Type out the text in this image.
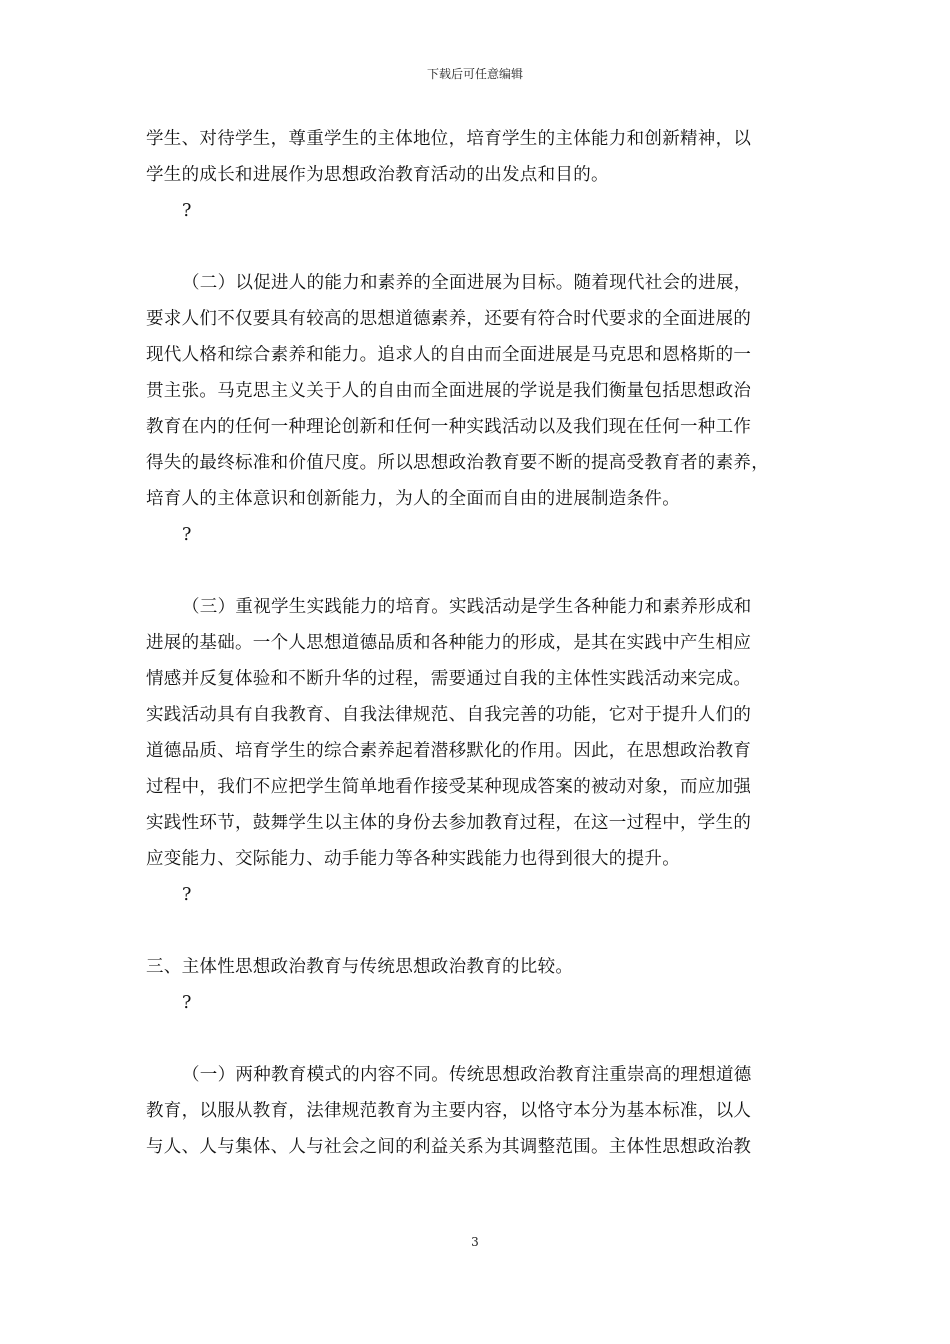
下载后可任意编辑
学生、对待学生，尊重学生的主体地位，培育学生的主体能力和创新精神，以
学生的成长和进展作为思想政治教育活动的出发点和目的。
?
（二）以促进人的能力和素养的全面进展为目标。随着现代社会的进展，
要求人们不仅要具有较高的思想道德素养，还要有符合时代要求的全面进展的
现代人格和综合素养和能力。追求人的自由而全面进展是马克思和恩格斯的一
贯主张。马克思主义关于人的自由而全面进展的学说是我们衡量包括思想政治
教育在内的任何一种理论创新和任何一种实践活动以及我们现在任何一种工作
得失的最终标准和价值尺度。所以思想政治教育要不断的提高受教育者的素养，
培育人的主体意识和创新能力，为人的全面而自由的进展制造条件。
?
（三）重视学生实践能力的培育。实践活动是学生各种能力和素养形成和
进展的基础。一个人思想道德品质和各种能力的形成，是其在实践中产生相应
情感并反复体验和不断升华的过程，需要通过自我的主体性实践活动来完成。
实践活动具有自我教育、自我法律规范、自我完善的功能，它对于提升人们的
道德品质、培育学生的综合素养起着潜移默化的作用。因此，在思想政治教育
过程中，我们不应把学生简单地看作接受某种现成答案的被动对象，而应加强
实践性环节，鼓舞学生以主体的身份去参加教育过程，在这一过程中，学生的
应变能力、交际能力、动手能力等各种实践能力也得到很大的提升。
?
三、主体性思想政治教育与传统思想政治教育的比较。
?
（一）两种教育模式的内容不同。传统思想政治教育注重崇高的理想道德
教育，以服从教育，法律规范教育为主要内容，以恪守本分为基本标准，以人
与人、人与集体、人与社会之间的利益关系为其调整范围。主体性思想政治教
3
